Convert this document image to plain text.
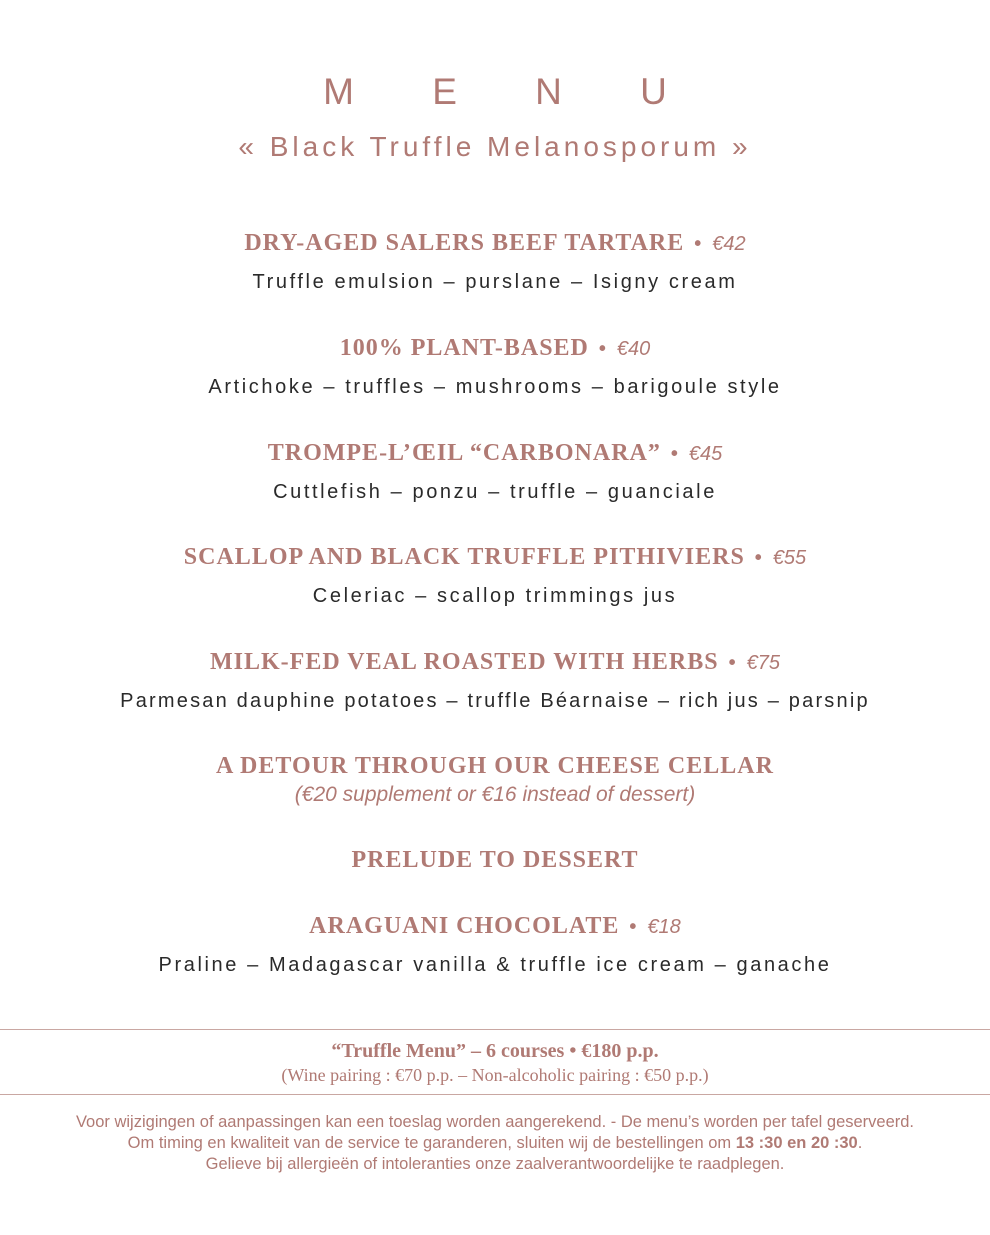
M E N U
« Black Truffle Melanosporum »
DRY-AGED SALERS BEEF TARTARE • €42
Truffle emulsion – purslane – Isigny cream
100% PLANT-BASED • €40
Artichoke – truffles – mushrooms – barigoule style
TROMPE-L’ŒIL “CARBONARA” • €45
Cuttlefish – ponzu – truffle – guanciale
SCALLOP AND BLACK TRUFFLE PITHIVIERS • €55
Celeriac – scallop trimmings jus
MILK-FED VEAL ROASTED WITH HERBS • €75
Parmesan dauphine potatoes – truffle Béarnaise – rich jus – parsnip
A DETOUR THROUGH OUR CHEESE CELLAR
(€20 supplement or €16 instead of dessert)
PRELUDE TO DESSERT
ARAGUANI CHOCOLATE • €18
Praline – Madagascar vanilla & truffle ice cream – ganache
“Truffle Menu” – 6 courses • €180 p.p.
(Wine pairing : €70 p.p. – Non-alcoholic pairing : €50 p.p.)
Voor wijzigingen of aanpassingen kan een toeslag worden aangerekend. - De menu’s worden per tafel geserveerd.
Om timing en kwaliteit van de service te garanderen, sluiten wij de bestellingen om 13 :30 en 20 :30.
Gelieve bij allergieën of intoleranties onze zaalverantwoordelijke te raadplegen.
